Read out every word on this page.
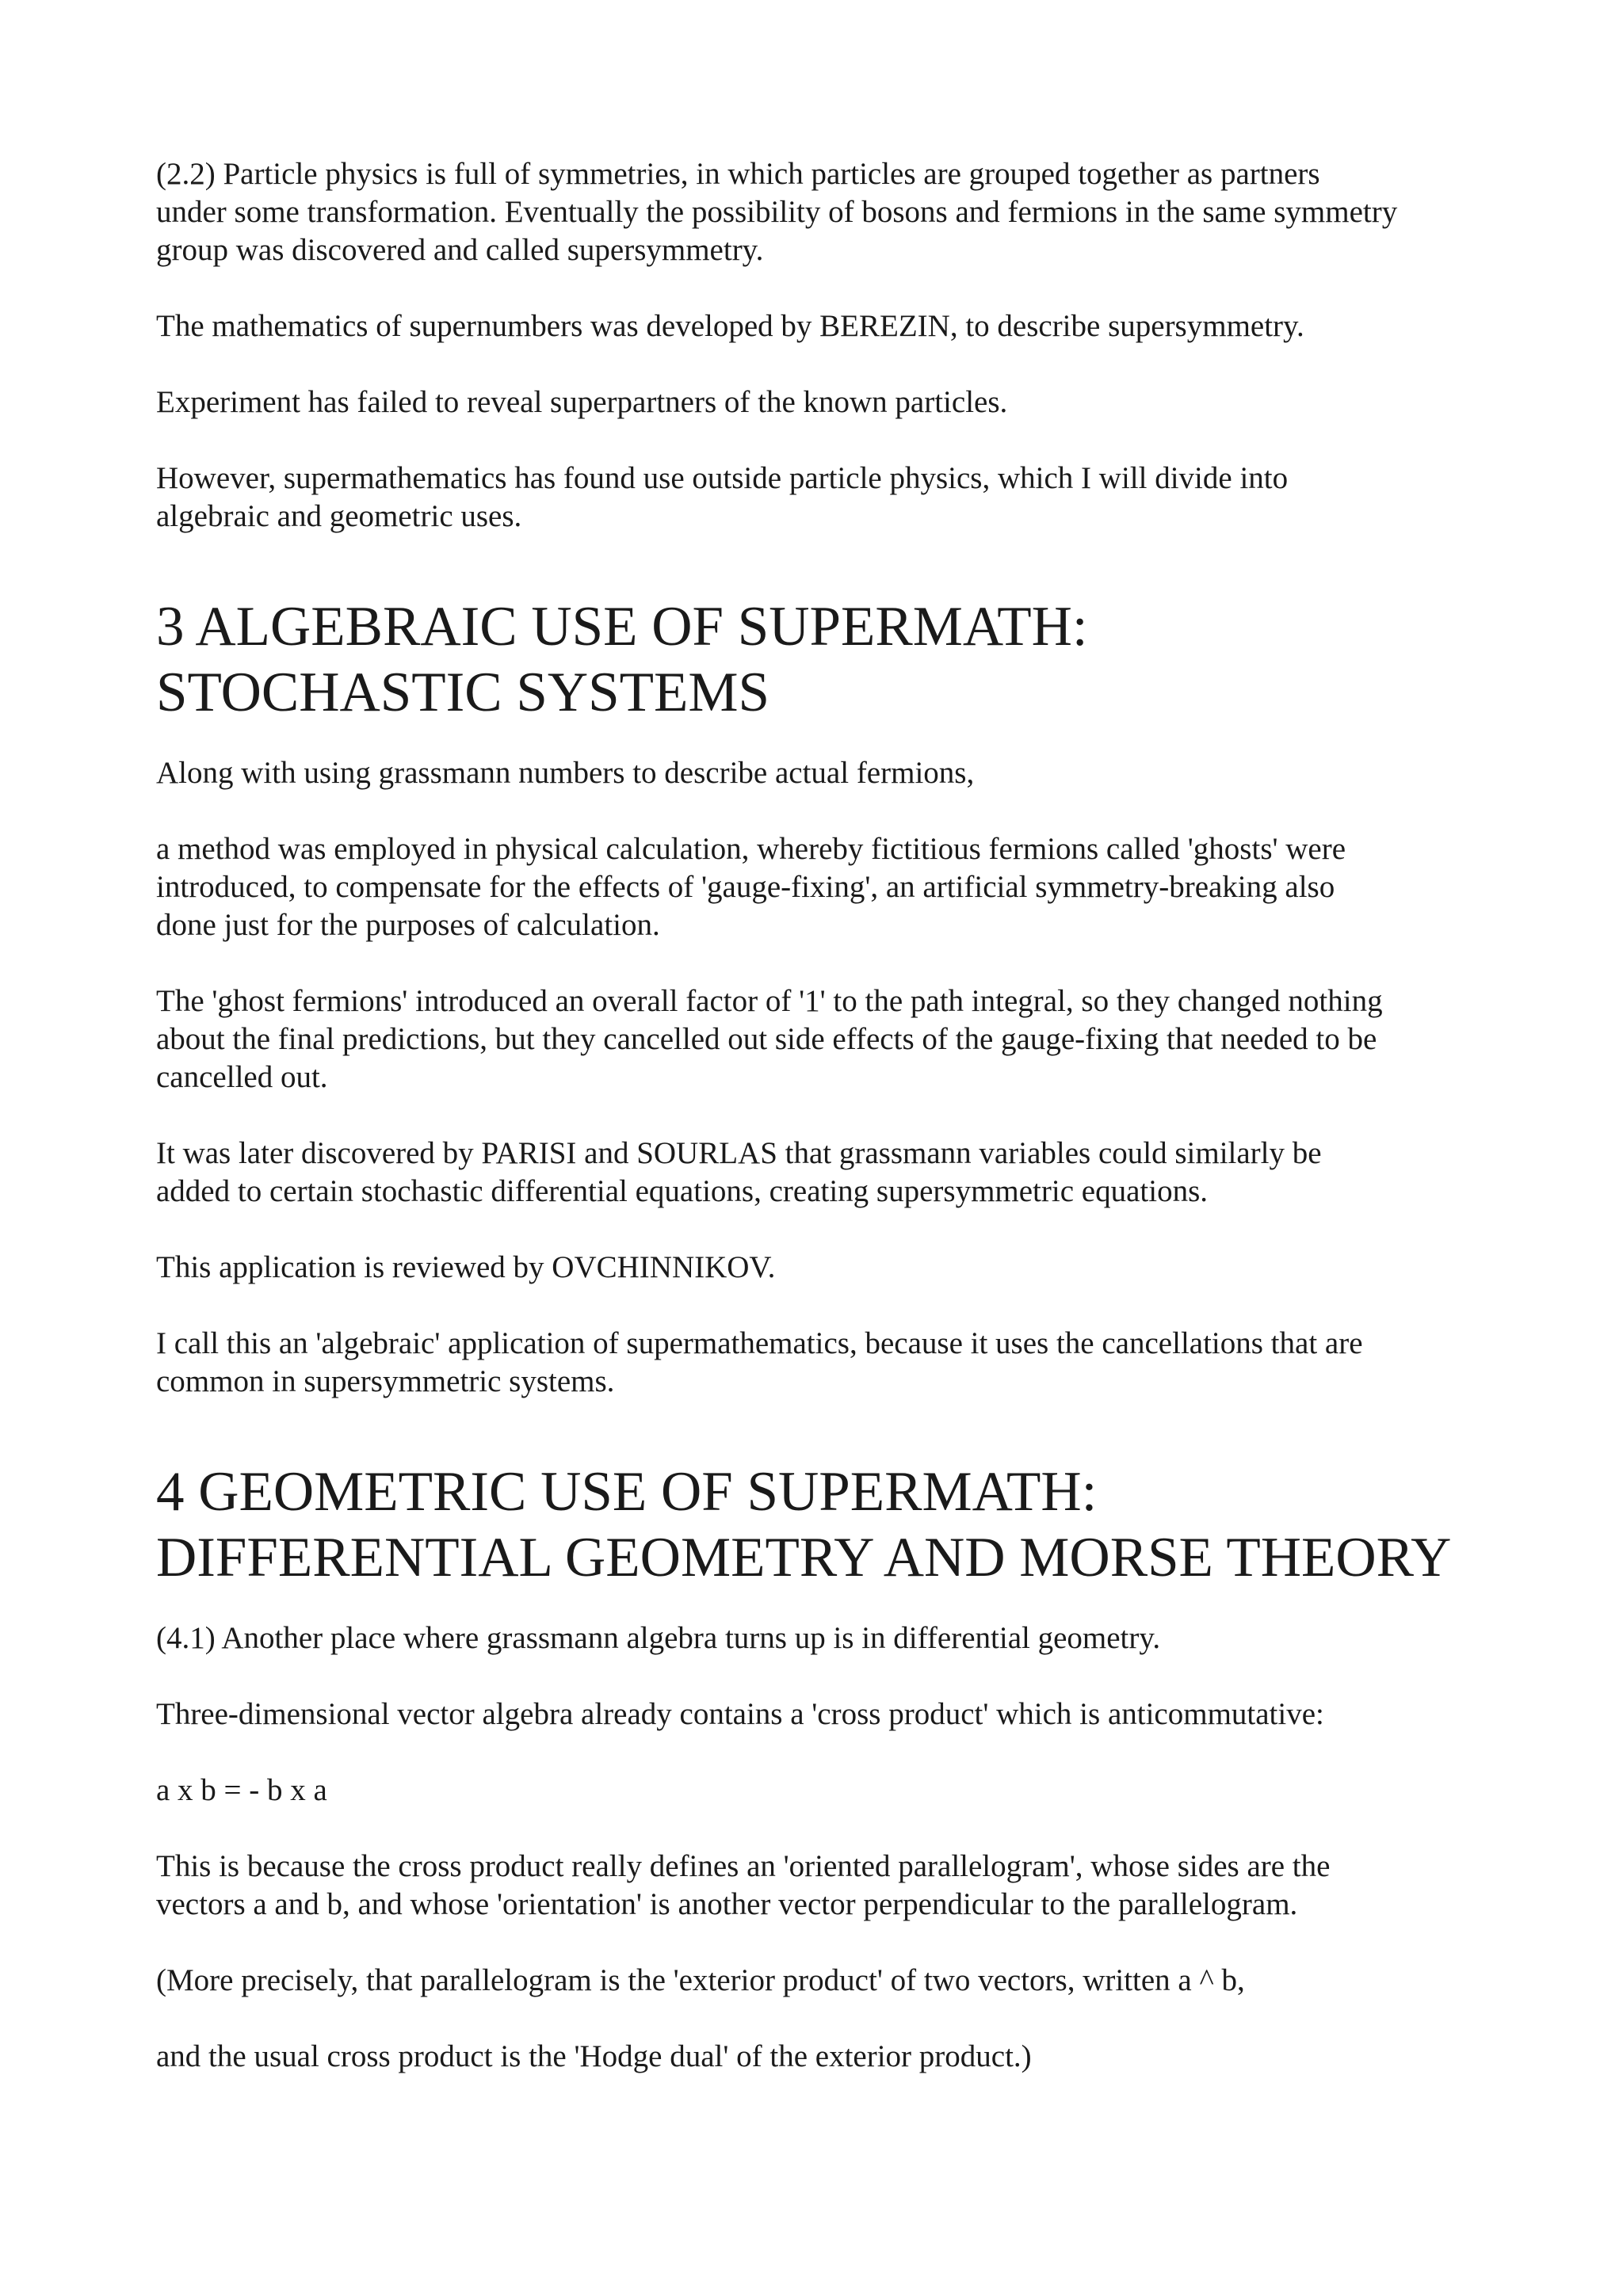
(2.2) Particle physics is full of symmetries, in which particles are grouped together as partners
under some transformation. Eventually the possibility of bosons and fermions in the same symmetry
group was discovered and called supersymmetry.

The mathematics of supernumbers was developed by BEREZIN, to describe supersymmetry.

Experiment has failed to reveal superpartners of the known particles.

However, supermathematics has found use outside particle physics, which I will divide into
algebraic and geometric uses.

3 ALGEBRAIC USE OF SUPERMATH:
STOCHASTIC SYSTEMS

Along with using grassmann numbers to describe actual fermions,

a method was employed in physical calculation, whereby fictitious fermions called 'ghosts' were
introduced, to compensate for the effects of 'gauge-fixing', an artificial symmetry-breaking also
done just for the purposes of calculation.

The 'ghost fermions' introduced an overall factor of '1' to the path integral, so they changed nothing
about the final predictions, but they cancelled out side effects of the gauge-fixing that needed to be
cancelled out.

It was later discovered by PARISI and SOURLAS that grassmann variables could similarly be
added to certain stochastic differential equations, creating supersymmetric equations.

This application is reviewed by OVCHINNIKOV.

I call this an 'algebraic' application of supermathematics, because it uses the cancellations that are
common in supersymmetric systems.

4 GEOMETRIC USE OF SUPERMATH:
DIFFERENTIAL GEOMETRY AND MORSE THEORY

(4.1) Another place where grassmann algebra turns up is in differential geometry.

Three-dimensional vector algebra already contains a 'cross product' which is anticommutative:

a x b = - b x a

This is because the cross product really defines an 'oriented parallelogram', whose sides are the
vectors a and b, and whose 'orientation' is another vector perpendicular to the parallelogram.

(More precisely, that parallelogram is the 'exterior product' of two vectors, written a ^ b,

and the usual cross product is the 'Hodge dual' of the exterior product.)
